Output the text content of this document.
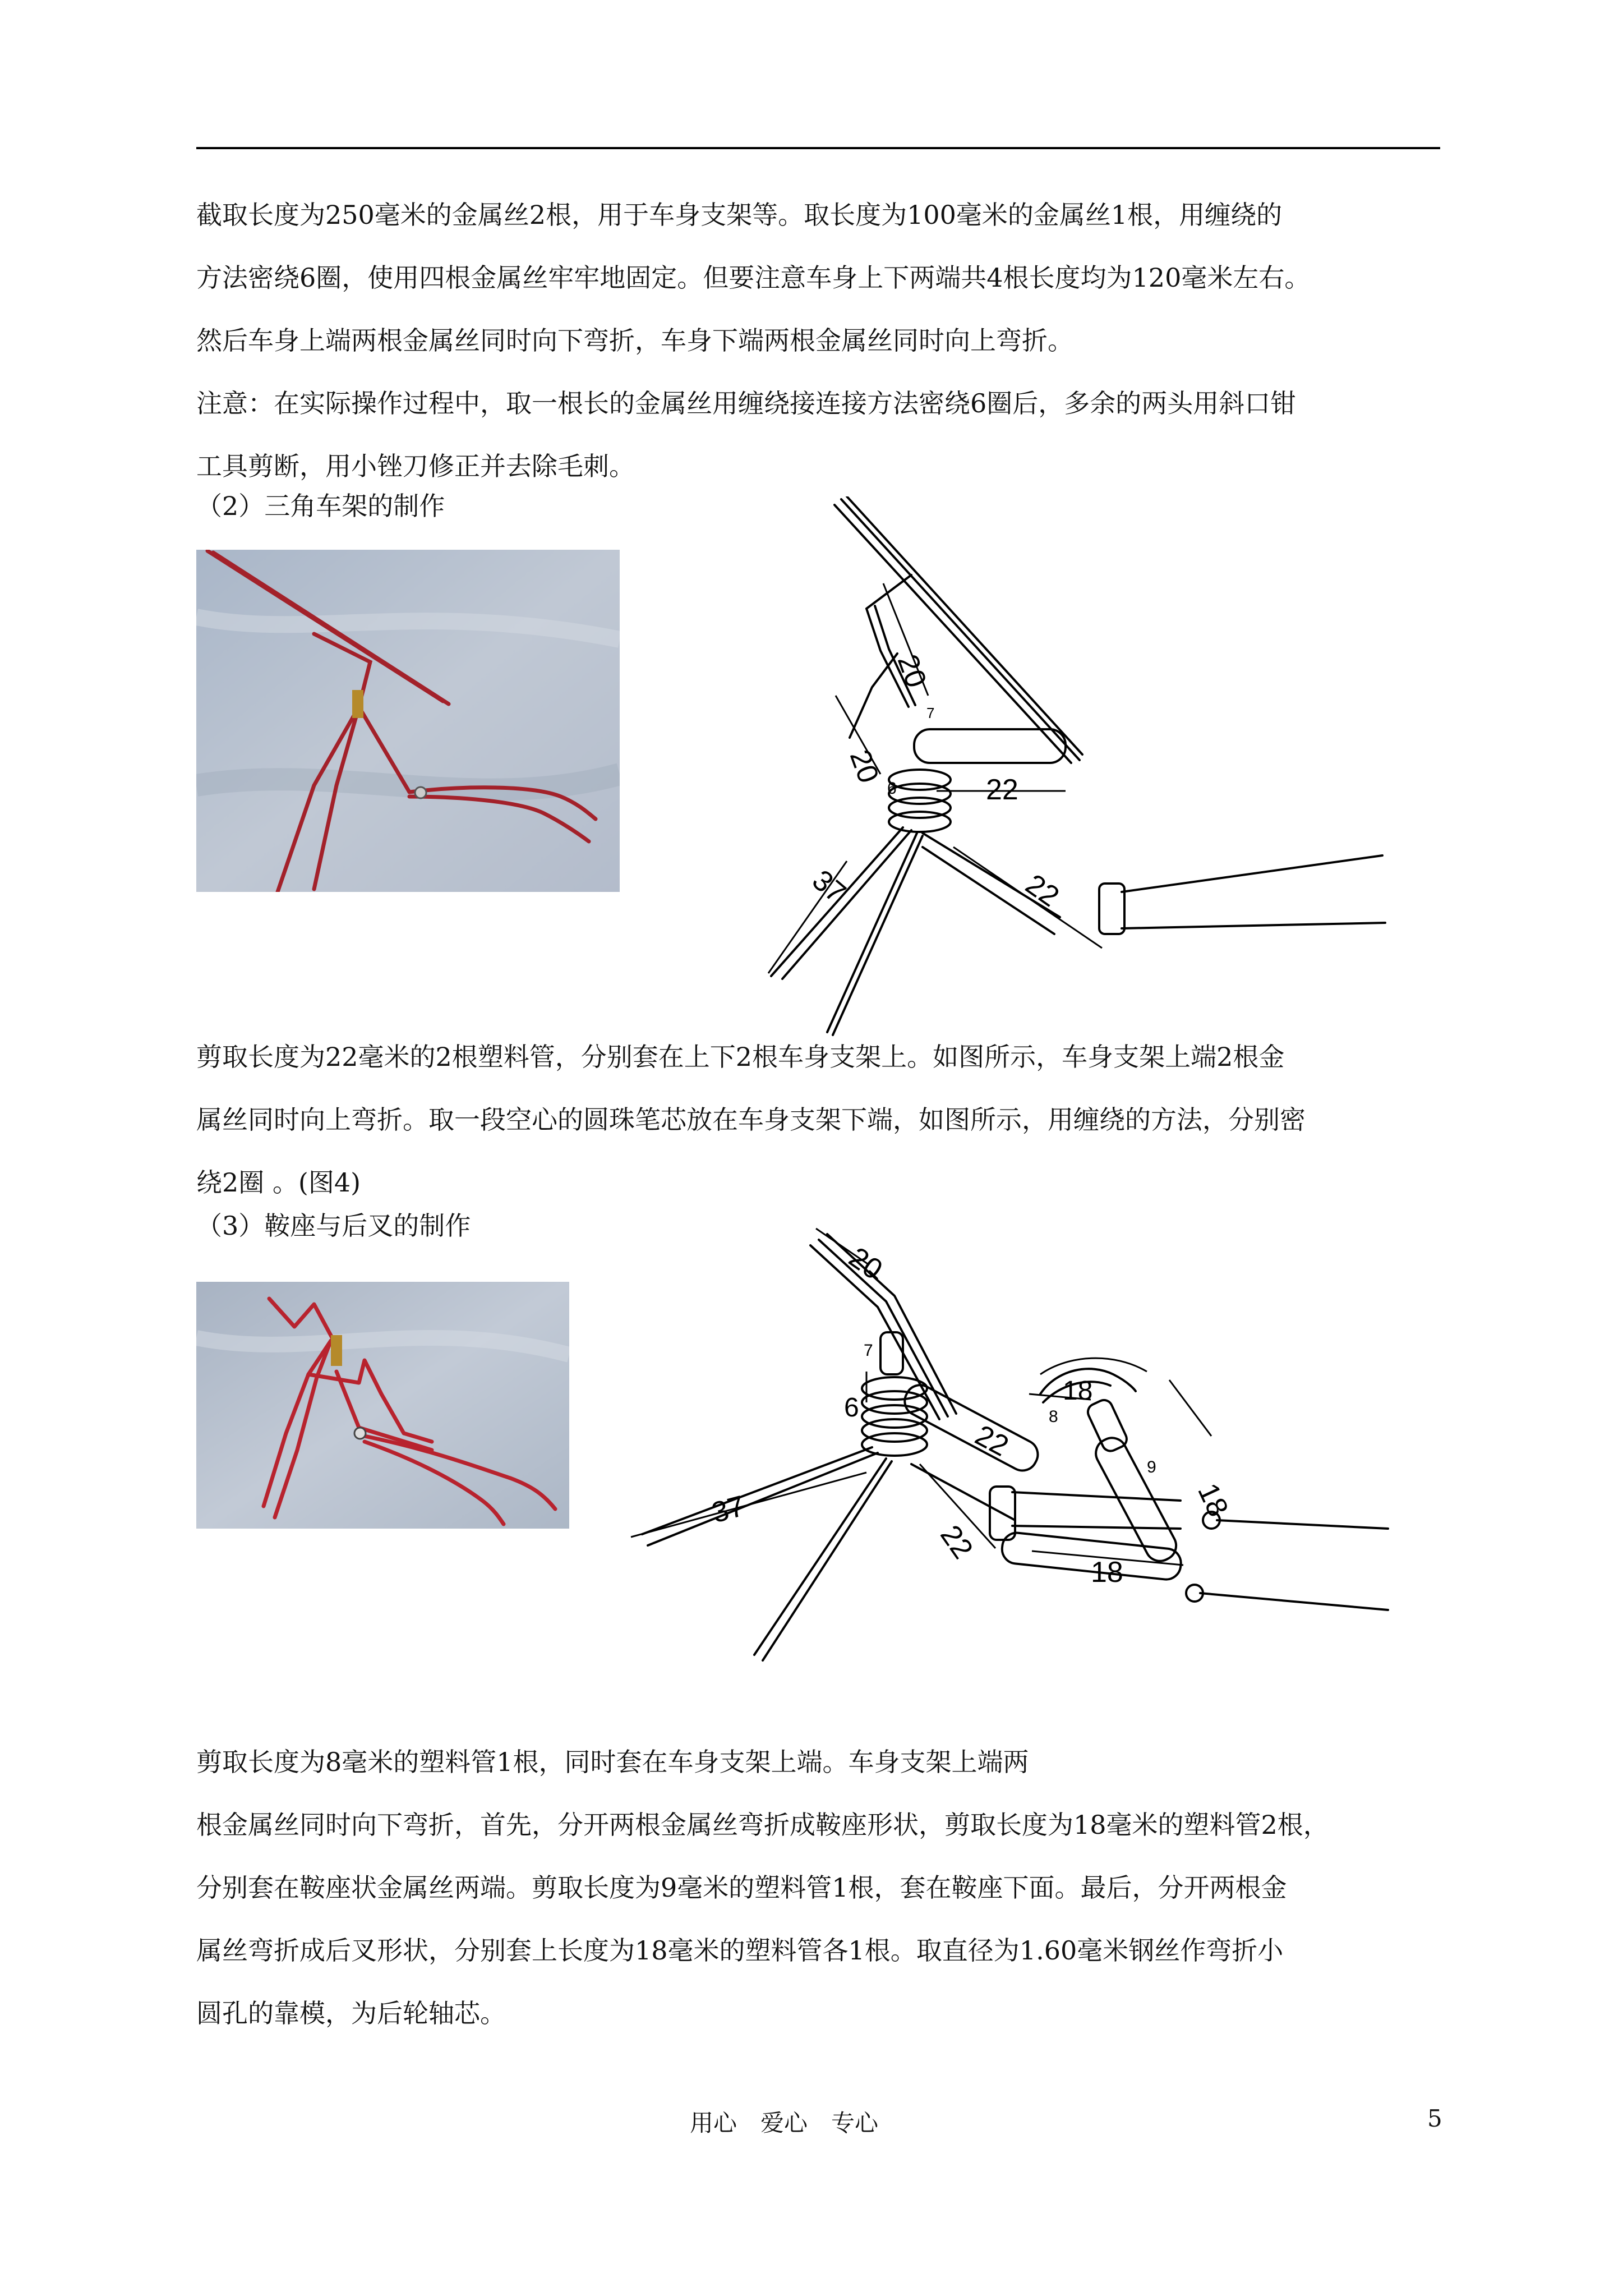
截取长度为250毫米的金属丝2根，用于车身支架等。取长度为100毫米的金属丝1根，用缠绕的
方法密绕6圈，使用四根金属丝牢牢地固定。但要注意车身上下两端共4根长度均为120毫米左右。
然后车身上端两根金属丝同时向下弯折，车身下端两根金属丝同时向上弯折。
注意：在实际操作过程中，取一根长的金属丝用缠绕接连接方法密绕6圈后，多余的两头用斜口钳
工具剪断，用小锉刀修正并去除毛刺。
（2）三角车架的制作
20
7
20
6	22
37	22
剪取长度为22毫米的2根塑料管，分别套在上下2根车身支架上。如图所示，车身支架上端2根金
属丝同时向上弯折。取一段空心的圆珠笔芯放在车身支架下端，如图所示，用缠绕的方法，分别密
绕2圈 。(图4)
（3）鞍座与后叉的制作
20
7
6
18
8
9
22
18
37
22
18
剪取长度为8毫米的塑料管1根，同时套在车身支架上端。车身支架上端两
根金属丝同时向下弯折，首先，分开两根金属丝弯折成鞍座形状，剪取长度为18毫米的塑料管2根，
分别套在鞍座状金属丝两端。剪取长度为9毫米的塑料管1根，套在鞍座下面。最后，分开两根金
属丝弯折成后叉形状，分别套上长度为18毫米的塑料管各1根。取直径为1.60毫米钢丝作弯折小
圆孔的靠模，为后轮轴芯。
用心　爱心　专心	5
